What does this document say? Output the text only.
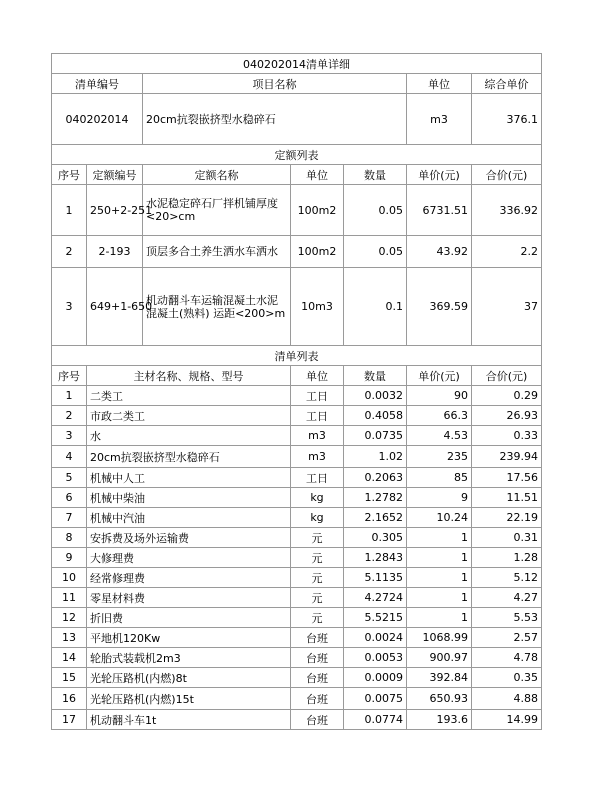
040202014清单详细						
清单编号		项目名称			单位	综合单价
040202014		20cm抗裂嵌挤型水稳碎石			m3	376.1
定额列表						
序号	定额编号	定额名称	单位	数量	单价(元)	合价(元)
1	250+2-251	水泥稳定碎石厂拌机铺厚度<20>cm	100m2	0.05	6731.51	336.92
2	2-193	顶层多合土养生洒水车洒水	100m2	0.05	43.92	2.2
3	649+1-650	机动翻斗车运输混凝土水泥混凝土(熟料) 运距<200>m	10m3	0.1	369.59	37
清单列表						
序号	主材名称、规格、型号		单位	数量	单价(元)	合价(元)
1	二类工		工日	0.0032	90	0.29
2	市政二类工		工日	0.4058	66.3	26.93
3	水		m3	0.0735	4.53	0.33
4	20cm抗裂嵌挤型水稳碎石		m3	1.02	235	239.94
5	机械中人工		工日	0.2063	85	17.56
6	机械中柴油		kg	1.2782	9	11.51
7	机械中汽油		kg	2.1652	10.24	22.19
8	安拆费及场外运输费		元	0.305	1	0.31
9	大修理费		元	1.2843	1	1.28
10	经常修理费		元	5.1135	1	5.12
11	零星材料费		元	4.2724	1	4.27
12	折旧费		元	5.5215	1	5.53
13	平地机120Kw		台班	0.0024	1068.99	2.57
14	轮胎式装载机2m3		台班	0.0053	900.97	4.78
15	光轮压路机(内燃)8t		台班	0.0009	392.84	0.35
16	光轮压路机(内燃)15t		台班	0.0075	650.93	4.88
17	机动翻斗车1t		台班	0.0774	193.6	14.99
